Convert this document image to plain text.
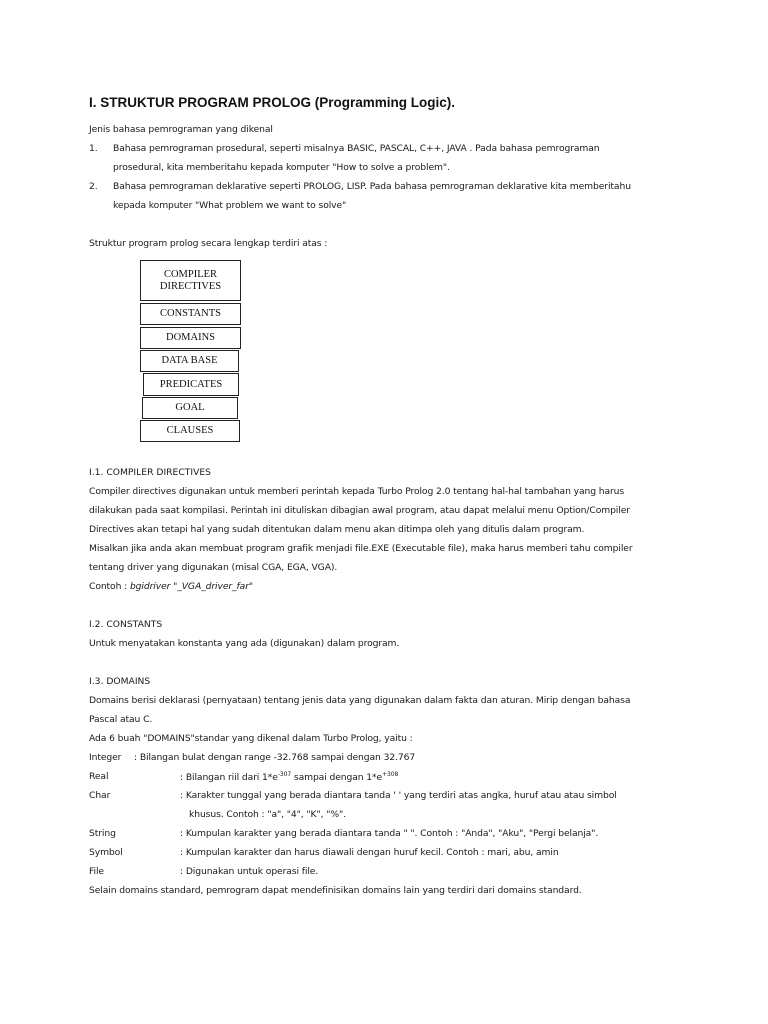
I. STRUKTUR PROGRAM PROLOG (Programming Logic).
Jenis bahasa pemrograman yang dikenal
1. Bahasa pemrograman prosedural, seperti misalnya BASIC, PASCAL, C++, JAVA . Pada bahasa pemrograman
prosedural, kita memberitahu kepada komputer "How to solve a problem".
2. Bahasa pemrograman deklarative seperti PROLOG, LISP. Pada bahasa pemrograman deklarative kita memberitahu
kepada komputer "What problem we want to solve"
Struktur program prolog secara lengkap terdiri atas :
COMPILER
DIRECTIVES
CONSTANTS
DOMAINS
DATA BASE
PREDICATES
GOAL
CLAUSES
I.1. COMPILER DIRECTIVES
Compiler directives digunakan untuk memberi perintah kepada Turbo Prolog 2.0 tentang hal-hal tambahan yang harus
dilakukan pada saat kompilasi. Perintah ini dituliskan dibagian awal program, atau dapat melalui menu Option/Compiler
Directives akan tetapi hal yang sudah ditentukan dalam menu akan ditimpa oleh yang ditulis dalam program.
Misalkan jika anda akan membuat program grafik menjadi file.EXE (Executable file), maka harus memberi tahu compiler
tentang driver yang digunakan (misal CGA, EGA, VGA).
Contoh : bgidriver "_VGA_driver_far"
I.2. CONSTANTS
Untuk menyatakan konstanta yang ada (digunakan) dalam program.
I.3. DOMAINS
Domains berisi deklarasi (pernyataan) tentang jenis data yang digunakan dalam fakta dan aturan. Mirip dengan bahasa
Pascal atau C.
Ada 6 buah "DOMAINS"standar yang dikenal dalam Turbo Prolog, yaitu :
Integer : Bilangan bulat dengan range -32.768 sampai dengan 32.767
Real	: Bilangan riil dari $1*e^{-307}$ sampai dengan $1*e^{+308}$
Char	: Karakter tunggal yang berada diantara tanda ' ' yang terdiri atas angka, huruf atau atau simbol
khusus. Contoh : "a", "4", "K", "%".
String	: Kumpulan karakter yang berada diantara tanda " ". Contoh : "Anda", "Aku", "Pergi belanja".
Symbol	: Kumpulan karakter dan harus diawali dengan huruf kecil. Contoh : mari, abu, amin
File	: Digunakan untuk operasi file.
Selain domains standard, pemrogram dapat mendefinisikan domains lain yang terdiri dari domains standard.
